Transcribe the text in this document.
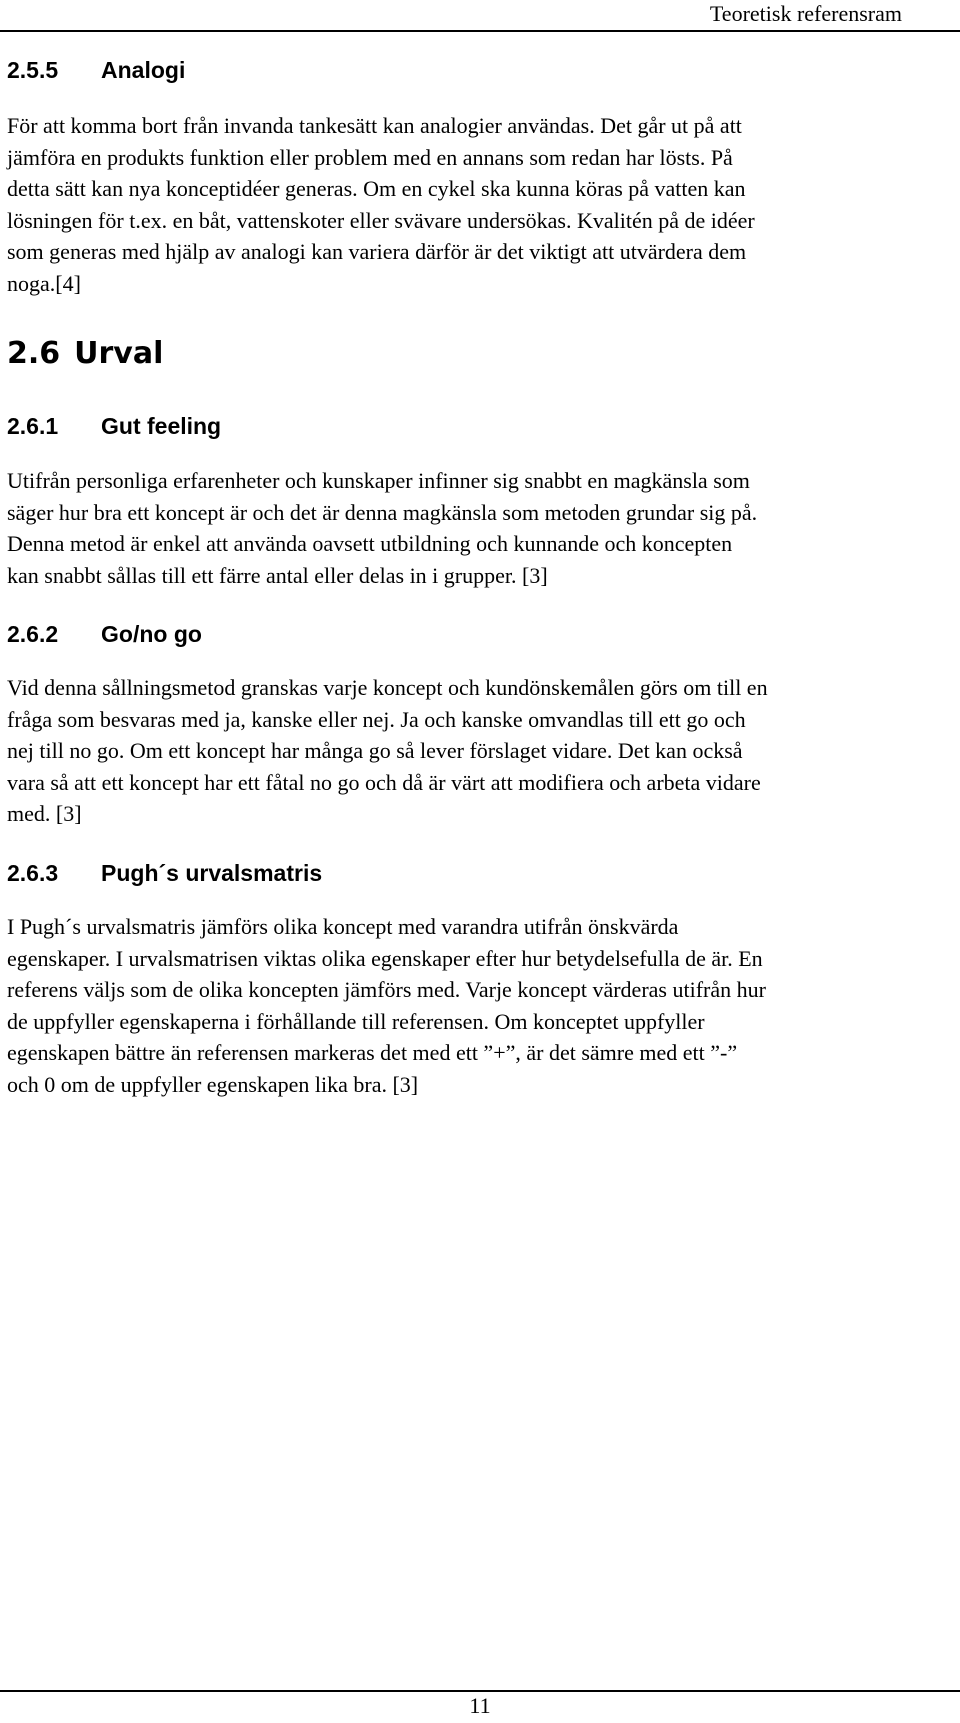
Teoretisk referensram
2.5.5 Analogi
För att komma bort från invanda tankesätt kan analogier användas. Det går ut på att
jämföra en produkts funktion eller problem med en annans som redan har lösts. På
detta sätt kan nya konceptidéer generas. Om en cykel ska kunna köras på vatten kan
lösningen för t.ex. en båt, vattenskoter eller svävare undersökas. Kvalitén på de idéer
som generas med hjälp av analogi kan variera därför är det viktigt att utvärdera dem
noga.[4]
2.6 Urval
2.6.1 Gut feeling
Utifrån personliga erfarenheter och kunskaper infinner sig snabbt en magkänsla som
säger hur bra ett koncept är och det är denna magkänsla som metoden grundar sig på.
Denna metod är enkel att använda oavsett utbildning och kunnande och koncepten
kan snabbt sållas till ett färre antal eller delas in i grupper. [3]
2.6.2 Go/no go
Vid denna sållningsmetod granskas varje koncept och kundönskemålen görs om till en
fråga som besvaras med ja, kanske eller nej. Ja och kanske omvandlas till ett go och
nej till no go. Om ett koncept har många go så lever förslaget vidare. Det kan också
vara så att ett koncept har ett fåtal no go och då är värt att modifiera och arbeta vidare
med. [3]
2.6.3 Pugh´s urvalsmatris
I Pugh´s urvalsmatris jämförs olika koncept med varandra utifrån önskvärda
egenskaper. I urvalsmatrisen viktas olika egenskaper efter hur betydelsefulla de är. En
referens väljs som de olika koncepten jämförs med. Varje koncept värderas utifrån hur
de uppfyller egenskaperna i förhållande till referensen. Om konceptet uppfyller
egenskapen bättre än referensen markeras det med ett ”+”, är det sämre med ett ”-”
och 0 om de uppfyller egenskapen lika bra. [3]
11
